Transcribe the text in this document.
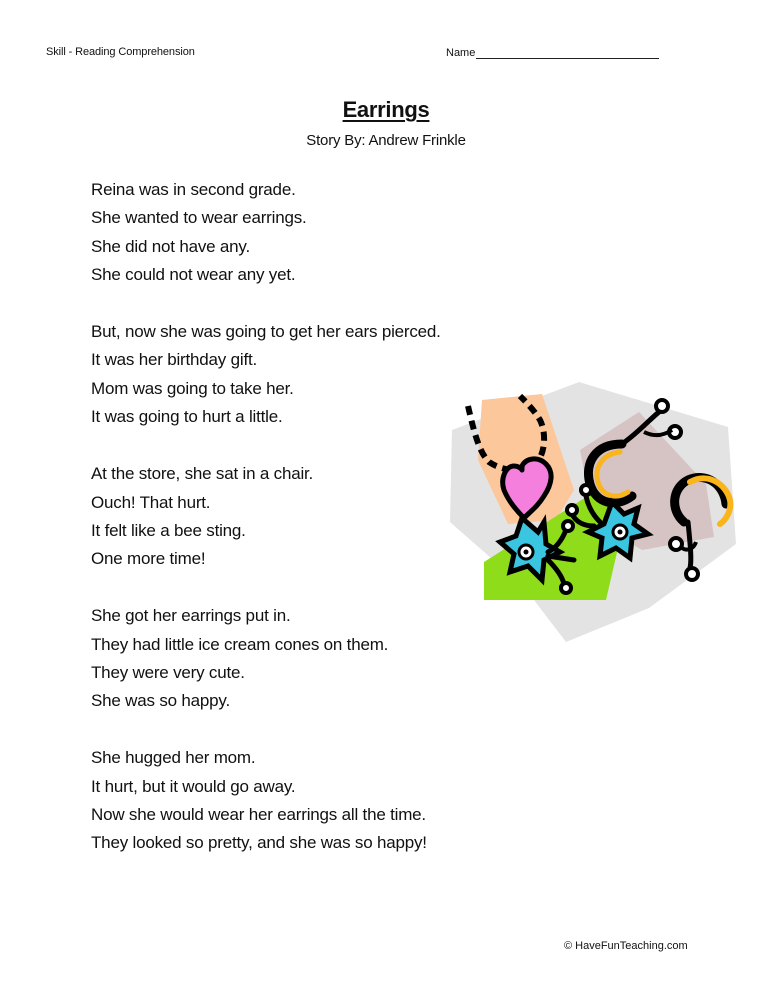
Skill - Reading Comprehension	Name
Earrings
Story By: Andrew Frinkle
Reina was in second grade.
She wanted to wear earrings.
She did not have any.
She could not wear any yet.
But, now she was going to get her ears pierced.
It was her birthday gift.
Mom was going to take her.
It was going to hurt a little.
At the store, she sat in a chair.
Ouch! That hurt.
It felt like a bee sting.
One more time!
She got her earrings put in.
They had little ice cream cones on them.
They were very cute.
She was so happy.
She hugged her mom.
It hurt, but it would go away.
Now she would wear her earrings all the time.
They looked so pretty, and she was so happy!
© HaveFunTeaching.com
